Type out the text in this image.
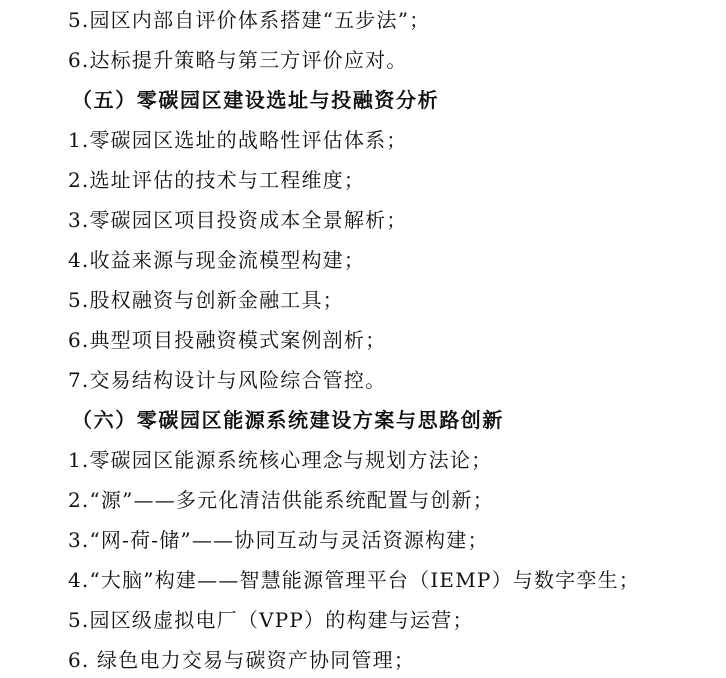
5.园区内部自评价体系搭建“五步法”；
6.达标提升策略与第三方评价应对。
（五）零碳园区建设选址与投融资分析
1.零碳园区选址的战略性评估体系；
2.选址评估的技术与工程维度；
3.零碳园区项目投资成本全景解析；
4.收益来源与现金流模型构建；
5.股权融资与创新金融工具；
6.典型项目投融资模式案例剖析；
7.交易结构设计与风险综合管控。
（六）零碳园区能源系统建设方案与思路创新
1.零碳园区能源系统核心理念与规划方法论；
2.“源”——多元化清洁供能系统配置与创新；
3.“网-荷-储”——协同互动与灵活资源构建；
4.“大脑”构建——智慧能源管理平台（IEMP）与数字孪生；
5.园区级虚拟电厂（VPP）的构建与运营；
6. 绿色电力交易与碳资产协同管理；
